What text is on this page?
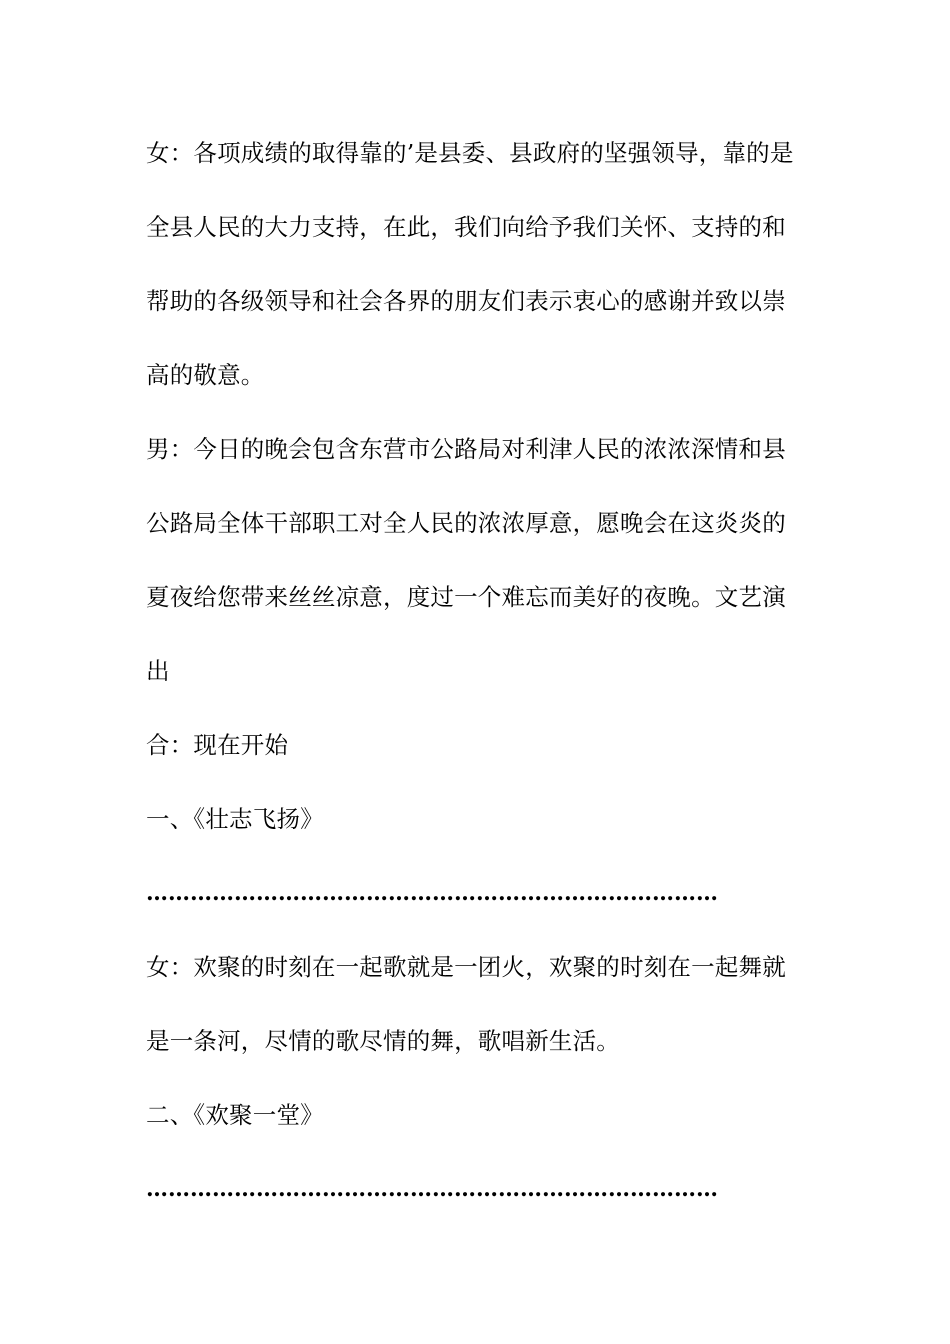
女：各项成绩的取得靠的’是县委、县政府的坚强领导，靠的是
全县人民的大力支持，在此，我们向给予我们关怀、支持的和
帮助的各级领导和社会各界的朋友们表示衷心的感谢并致以崇
高的敬意。
男：今日的晚会包含东营市公路局对利津人民的浓浓深情和县
公路局全体干部职工对全人民的浓浓厚意，愿晚会在这炎炎的
夏夜给您带来丝丝凉意，度过一个难忘而美好的夜晚。文艺演
出
合：现在开始
一、《壮志飞扬》
……………………………………………………………………
女：欢聚的时刻在一起歌就是一团火，欢聚的时刻在一起舞就
是一条河，尽情的歌尽情的舞，歌唱新生活。
二、《欢聚一堂》
……………………………………………………………………
